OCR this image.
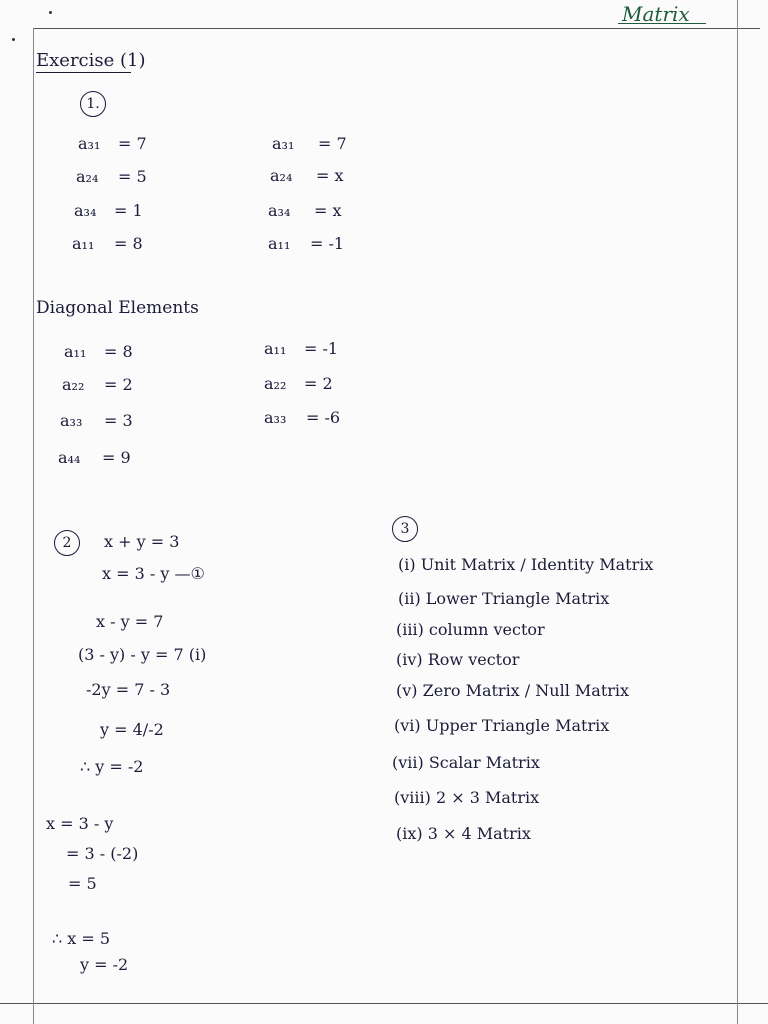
Matrix
Exercise (1)
1.
a₃₁ = 7
a₂₄ = 5
a₃₄ = 1
a₁₁ = 8
a₃₁ = 7
a₂₄ = x
a₃₄ = x
a₁₁ = -1
Diagonal Elements
a₁₁ = 8
a₂₂ = 2
a₃₃ = 3
a₄₄ = 9
a₁₁ = -1
a₂₂ = 2
a₃₃ = -6
2	x + y = 3
x = 3 - y —①
x - y = 7
(3 - y) - y = 7 (i)
-2y = 7 - 3
y = 4/-2
∴ y = -2
x = 3 - y
= 3 - (-2)
= 5
∴ x = 5
y = -2
3
(i) Unit Matrix / Identity Matrix
(ii) Lower Triangle Matrix
(iii) column vector
(iv) Row vector
(v) Zero Matrix / Null Matrix
(vi) Upper Triangle Matrix
(vii) Scalar Matrix
(viii) 2 × 3 Matrix
(ix) 3 × 4 Matrix
